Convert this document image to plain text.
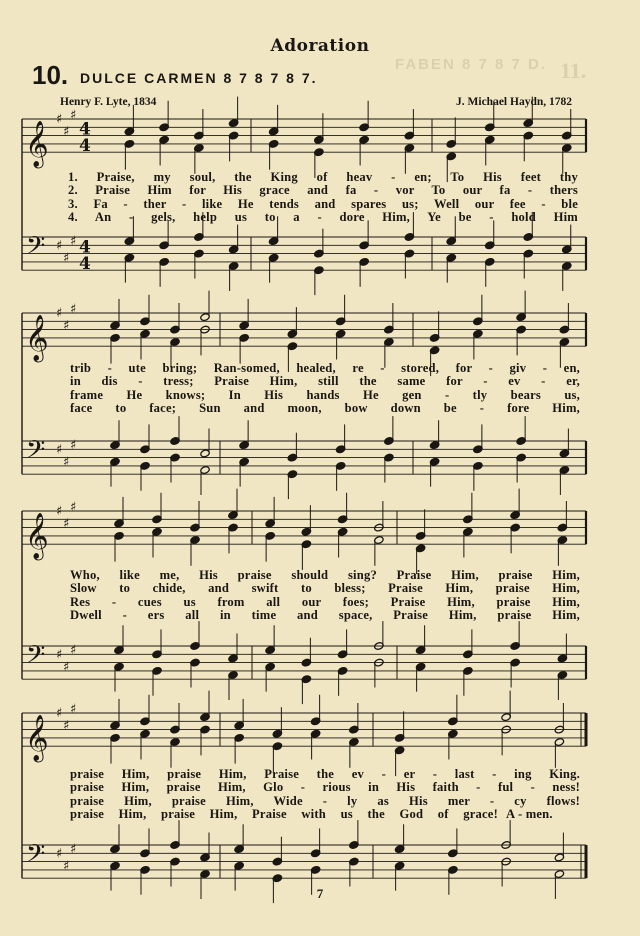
FABEN 8 7 8 7 D. 11.
Adoration
10. DULCE CARMEN 8 7 8 7 8 7.
Henry F. Lyte, 1834	J. Michael Haydn, 1782
𝄞
𝄢
♯
♯
♯
♯
♯
♯
4
4
4
4
𝄞
𝄢
♯
♯
♯
♯
♯
♯
𝄞
𝄢
♯
♯
♯
♯
♯
♯
𝄞
𝄢
♯
♯
♯
♯
♯
♯
1. Praise, my soul, the King of heav - en; To His feet thy
2. Praise Him for His grace and fa - vor To our fa - thers
3. Fa - ther - like He tends and spares us; Well our fee - ble
4. An - gels, help us to a - dore Him, Ye be - hold Him
trib - ute bring; Ran-somed, healed, re - stored, for - giv - en,
in dis - tress; Praise Him, still the same for - ev - er,
frame He knows; In His hands He gen - tly bears us,
face to face; Sun and moon, bow down be - fore Him,
Who, like me, His praise should sing? Praise Him, praise Him,
Slow to chide, and swift to bless; Praise Him, praise Him,
Res - cues us from all our foes; Praise Him, praise Him,
Dwell - ers all in time and space, Praise Him, praise Him,
praise Him, praise Him, Praise the ev - er - last - ing King.
praise Him, praise Him, Glo - rious in His faith - ful - ness!
praise Him, praise Him, Wide - ly as His mer - cy flows!
praise Him, praise Him, Praise with us the God of grace! A - men.
7
